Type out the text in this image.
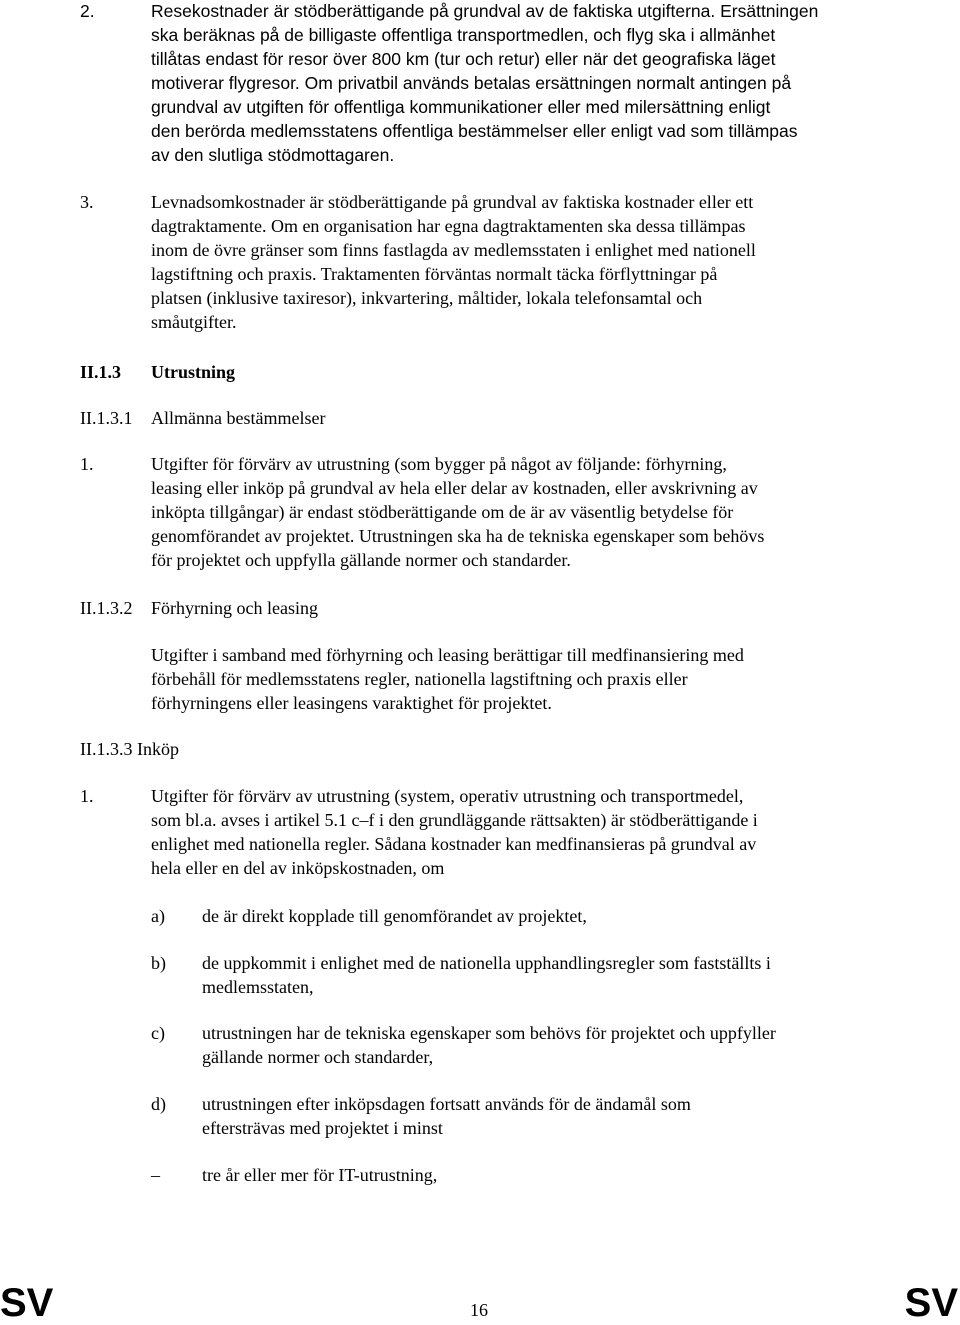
2.	Resekostnader är stödberättigande på grundval av de faktiska utgifterna. Ersättningen
ska beräknas på de billigaste offentliga transportmedlen, och flyg ska i allmänhet
tillåtas endast för resor över 800 km (tur och retur) eller när det geografiska läget
motiverar flygresor. Om privatbil används betalas ersättningen normalt antingen på
grundval av utgiften för offentliga kommunikationer eller med milersättning enligt
den berörda medlemsstatens offentliga bestämmelser eller enligt vad som tillämpas
av den slutliga stödmottagaren.
3.	Levnadsomkostnader är stödberättigande på grundval av faktiska kostnader eller ett
dagtraktamente. Om en organisation har egna dagtraktamenten ska dessa tillämpas
inom de övre gränser som finns fastlagda av medlemsstaten i enlighet med nationell
lagstiftning och praxis. Traktamenten förväntas normalt täcka förflyttningar på
platsen (inklusive taxiresor), inkvartering, måltider, lokala telefonsamtal och
småutgifter.
II.1.3 Utrustning
II.1.3.1 Allmänna bestämmelser
1.	Utgifter för förvärv av utrustning (som bygger på något av följande: förhyrning,
leasing eller inköp på grundval av hela eller delar av kostnaden, eller avskrivning av
inköpta tillgångar) är endast stödberättigande om de är av väsentlig betydelse för
genomförandet av projektet. Utrustningen ska ha de tekniska egenskaper som behövs
för projektet och uppfylla gällande normer och standarder.
II.1.3.2 Förhyrning och leasing
Utgifter i samband med förhyrning och leasing berättigar till medfinansiering med
förbehåll för medlemsstatens regler, nationella lagstiftning och praxis eller
förhyrningens eller leasingens varaktighet för projektet.
II.1.3.3 Inköp
1.	Utgifter för förvärv av utrustning (system, operativ utrustning och transportmedel,
som bl.a. avses i artikel 5.1 c–f i den grundläggande rättsakten) är stödberättigande i
enlighet med nationella regler. Sådana kostnader kan medfinansieras på grundval av
hela eller en del av inköpskostnaden, om
a) de är direkt kopplade till genomförandet av projektet,
b) de uppkommit i enlighet med de nationella upphandlingsregler som fastställts i
medlemsstaten,
c) utrustningen har de tekniska egenskaper som behövs för projektet och uppfyller
gällande normer och standarder,
d) utrustningen efter inköpsdagen fortsatt används för de ändamål som
eftersträvas med projektet i minst
– tre år eller mer för IT-utrustning,
SV	16	SV
